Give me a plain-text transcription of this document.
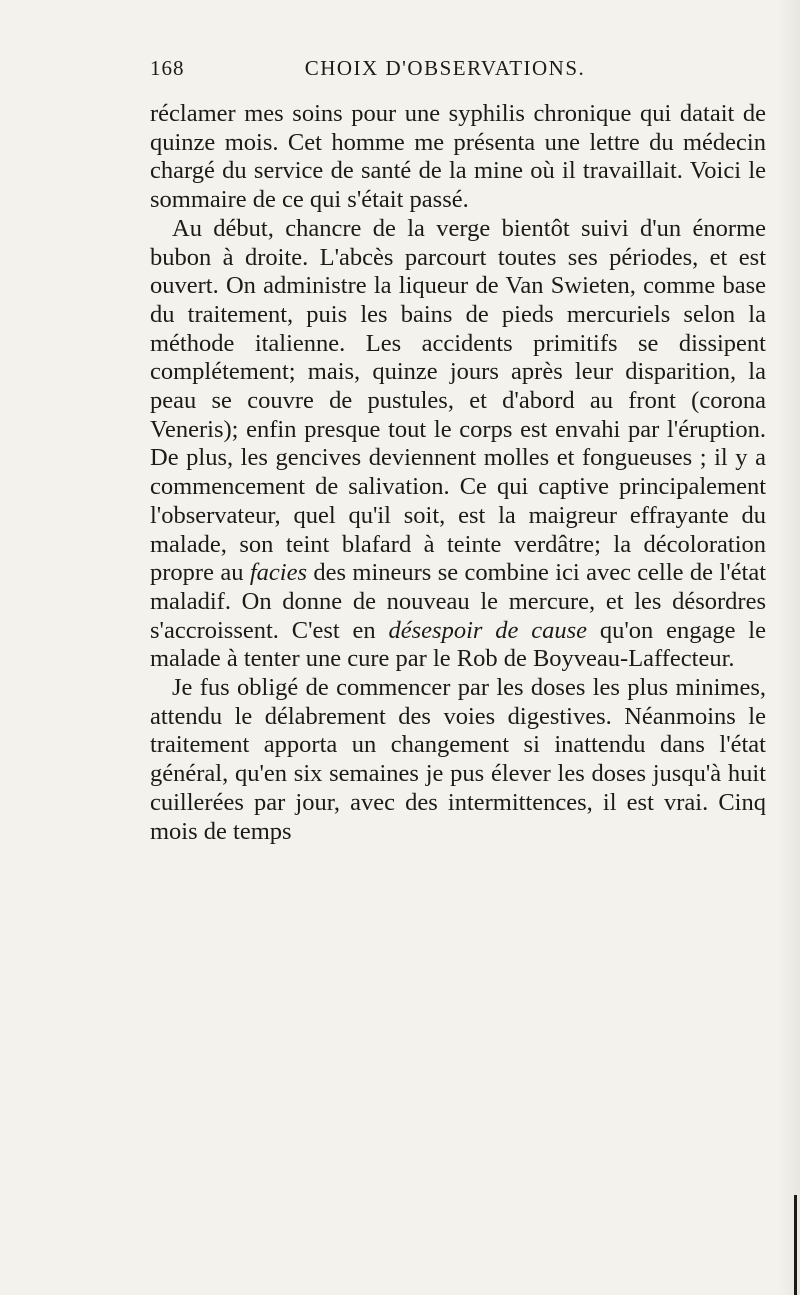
168	CHOIX D'OBSERVATIONS.

réclamer mes soins pour une syphilis chronique qui datait de quinze mois. Cet homme me présenta une lettre du médecin chargé du service de santé de la mine où il travaillait. Voici le sommaire de ce qui s'était passé.

Au début, chancre de la verge bientôt suivi d'un énorme bubon à droite. L'abcès parcourt toutes ses périodes, et est ouvert. On administre la liqueur de Van Swieten, comme base du traitement, puis les bains de pieds mercuriels selon la méthode italienne. Les accidents primitifs se dissipent complétement; mais, quinze jours après leur disparition, la peau se couvre de pustules, et d'abord au front (corona Veneris); enfin presque tout le corps est envahi par l'éruption. De plus, les gencives deviennent molles et fongueuses ; il y a commencement de salivation. Ce qui captive principalement l'observateur, quel qu'il soit, est la maigreur effrayante du malade, son teint blafard à teinte verdâtre; la décoloration propre au facies des mineurs se combine ici avec celle de l'état maladif. On donne de nouveau le mercure, et les désordres s'accroissent. C'est en désespoir de cause qu'on engage le malade à tenter une cure par le Rob de Boyveau-Laffecteur.

Je fus obligé de commencer par les doses les plus minimes, attendu le délabrement des voies digestives. Néanmoins le traitement apporta un changement si inattendu dans l'état général, qu'en six semaines je pus élever les doses jusqu'à huit cuillerées par jour, avec des intermittences, il est vrai. Cinq mois de temps
